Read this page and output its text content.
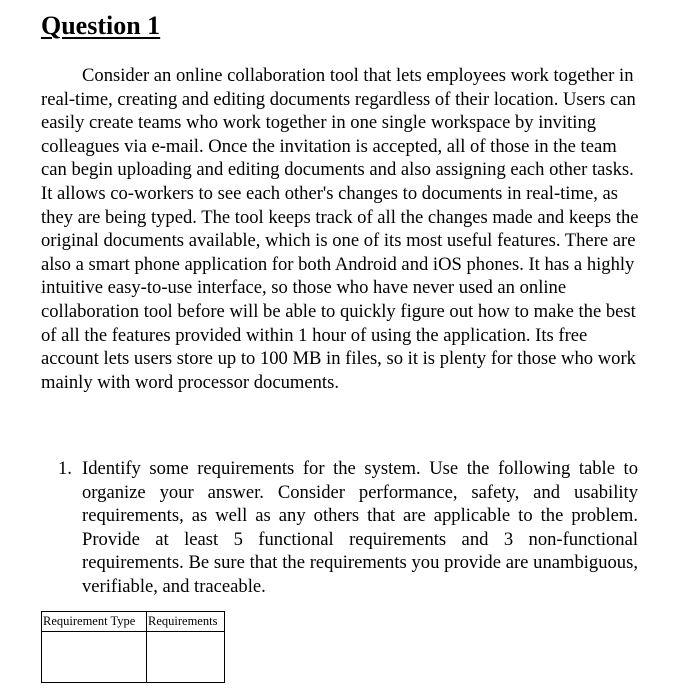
Question 1

Consider an online collaboration tool that lets employees work together in real-time, creating and editing documents regardless of their location. Users can easily create teams who work together in one single workspace by inviting colleagues via e-mail. Once the invitation is accepted, all of those in the team can begin uploading and editing documents and also assigning each other tasks. It allows co-workers to see each other's changes to documents in real-time, as they are being typed. The tool keeps track of all the changes made and keeps the original documents available, which is one of its most useful features. There are also a smart phone application for both Android and iOS phones. It has a highly intuitive easy-to-use interface, so those who have never used an online collaboration tool before will be able to quickly figure out how to make the best of all the features provided within 1 hour of using the application. Its free account lets users store up to 100 MB in files, so it is plenty for those who work mainly with word processor documents.

1. Identify some requirements for the system. Use the following table to organize your answer. Consider performance, safety, and usability requirements, as well as any others that are applicable to the problem. Provide at least 5 functional requirements and 3 non-functional requirements. Be sure that the requirements you provide are unambiguous, verifiable, and traceable.
Requirement Type	Requirements
